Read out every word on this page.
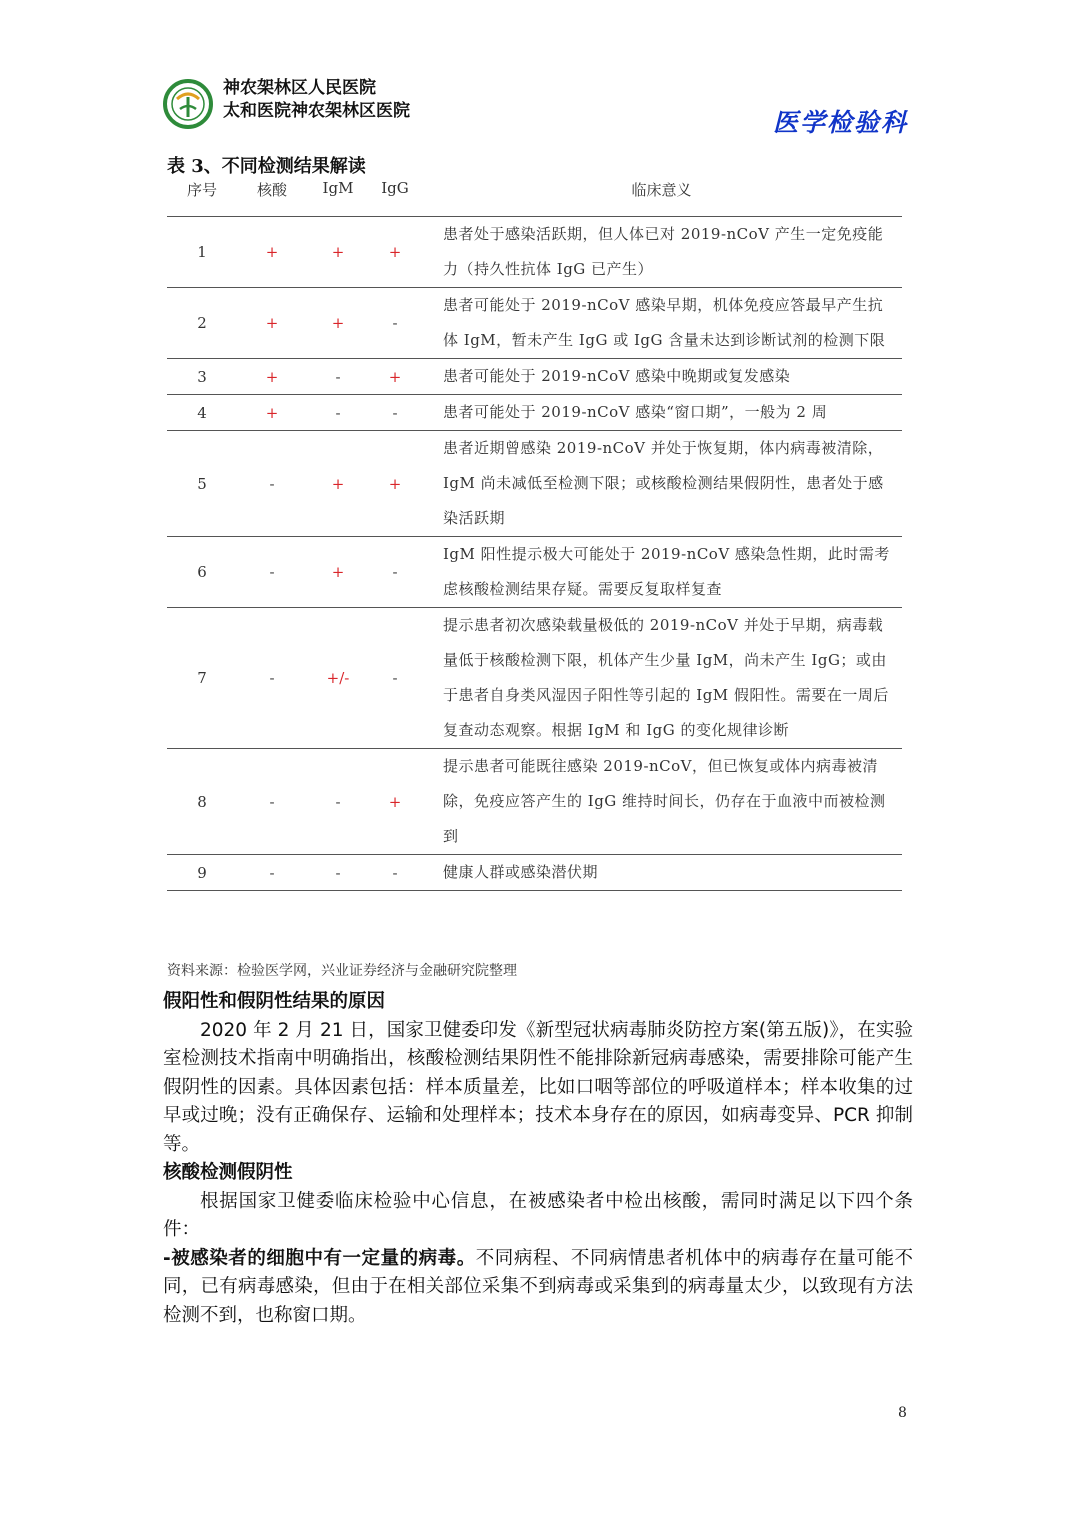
神农架林区人民医院
太和医院神农架林区医院	医学检验科
表 3、不同检测结果解读
序号	核酸	IgM	IgG	临床意义
1	+	+	+	患者处于感染活跃期，但人体已对 2019-nCoV 产生一定免疫能力（持久性抗体 IgG 已产生）
2	+	+	-	患者可能处于 2019-nCoV 感染早期，机体免疫应答最早产生抗体 IgM，暂未产生 IgG 或 IgG 含量未达到诊断试剂的检测下限
3	+	-	+	患者可能处于 2019-nCoV 感染中晚期或复发感染
4	+	-	-	患者可能处于 2019-nCoV 感染“窗口期”，一般为 2 周
5	-	+	+	患者近期曾感染 2019-nCoV 并处于恢复期，体内病毒被清除，IgM 尚未减低至检测下限；或核酸检测结果假阴性，患者处于感染活跃期
6	-	+	-	IgM 阳性提示极大可能处于 2019-nCoV 感染急性期，此时需考虑核酸检测结果存疑。需要反复取样复查
7	-	+/-	-	提示患者初次感染载量极低的 2019-nCoV 并处于早期，病毒载量低于核酸检测下限，机体产生少量 IgM，尚未产生 IgG；或由于患者自身类风湿因子阳性等引起的 IgM 假阳性。需要在一周后复查动态观察。根据 IgM 和 IgG 的变化规律诊断
8	-	-	+	提示患者可能既往感染 2019-nCoV，但已恢复或体内病毒被清除，免疫应答产生的 IgG 维持时间长，仍存在于血液中而被检测到
9	-	-	-	健康人群或感染潜伏期
资料来源：检验医学网，兴业证券经济与金融研究院整理
假阳性和假阴性结果的原因

2020 年 2 月 21 日，国家卫健委印发《新型冠状病毒肺炎防控方案(第五版)》，在实验室检测技术指南中明确指出，核酸检测结果阴性不能排除新冠病毒感染，需要排除可能产生假阴性的因素。具体因素包括：样本质量差，比如口咽等部位的呼吸道样本；样本收集的过早或过晚；没有正确保存、运输和处理样本；技术本身存在的原因，如病毒变异、PCR 抑制等。

核酸检测假阴性

根据国家卫健委临床检验中心信息，在被感染者中检出核酸，需同时满足以下四个条件：

-被感染者的细胞中有一定量的病毒。不同病程、不同病情患者机体中的病毒存在量可能不同，已有病毒感染，但由于在相关部位采集不到病毒或采集到的病毒量太少，以致现有方法检测不到，也称窗口期。

8
